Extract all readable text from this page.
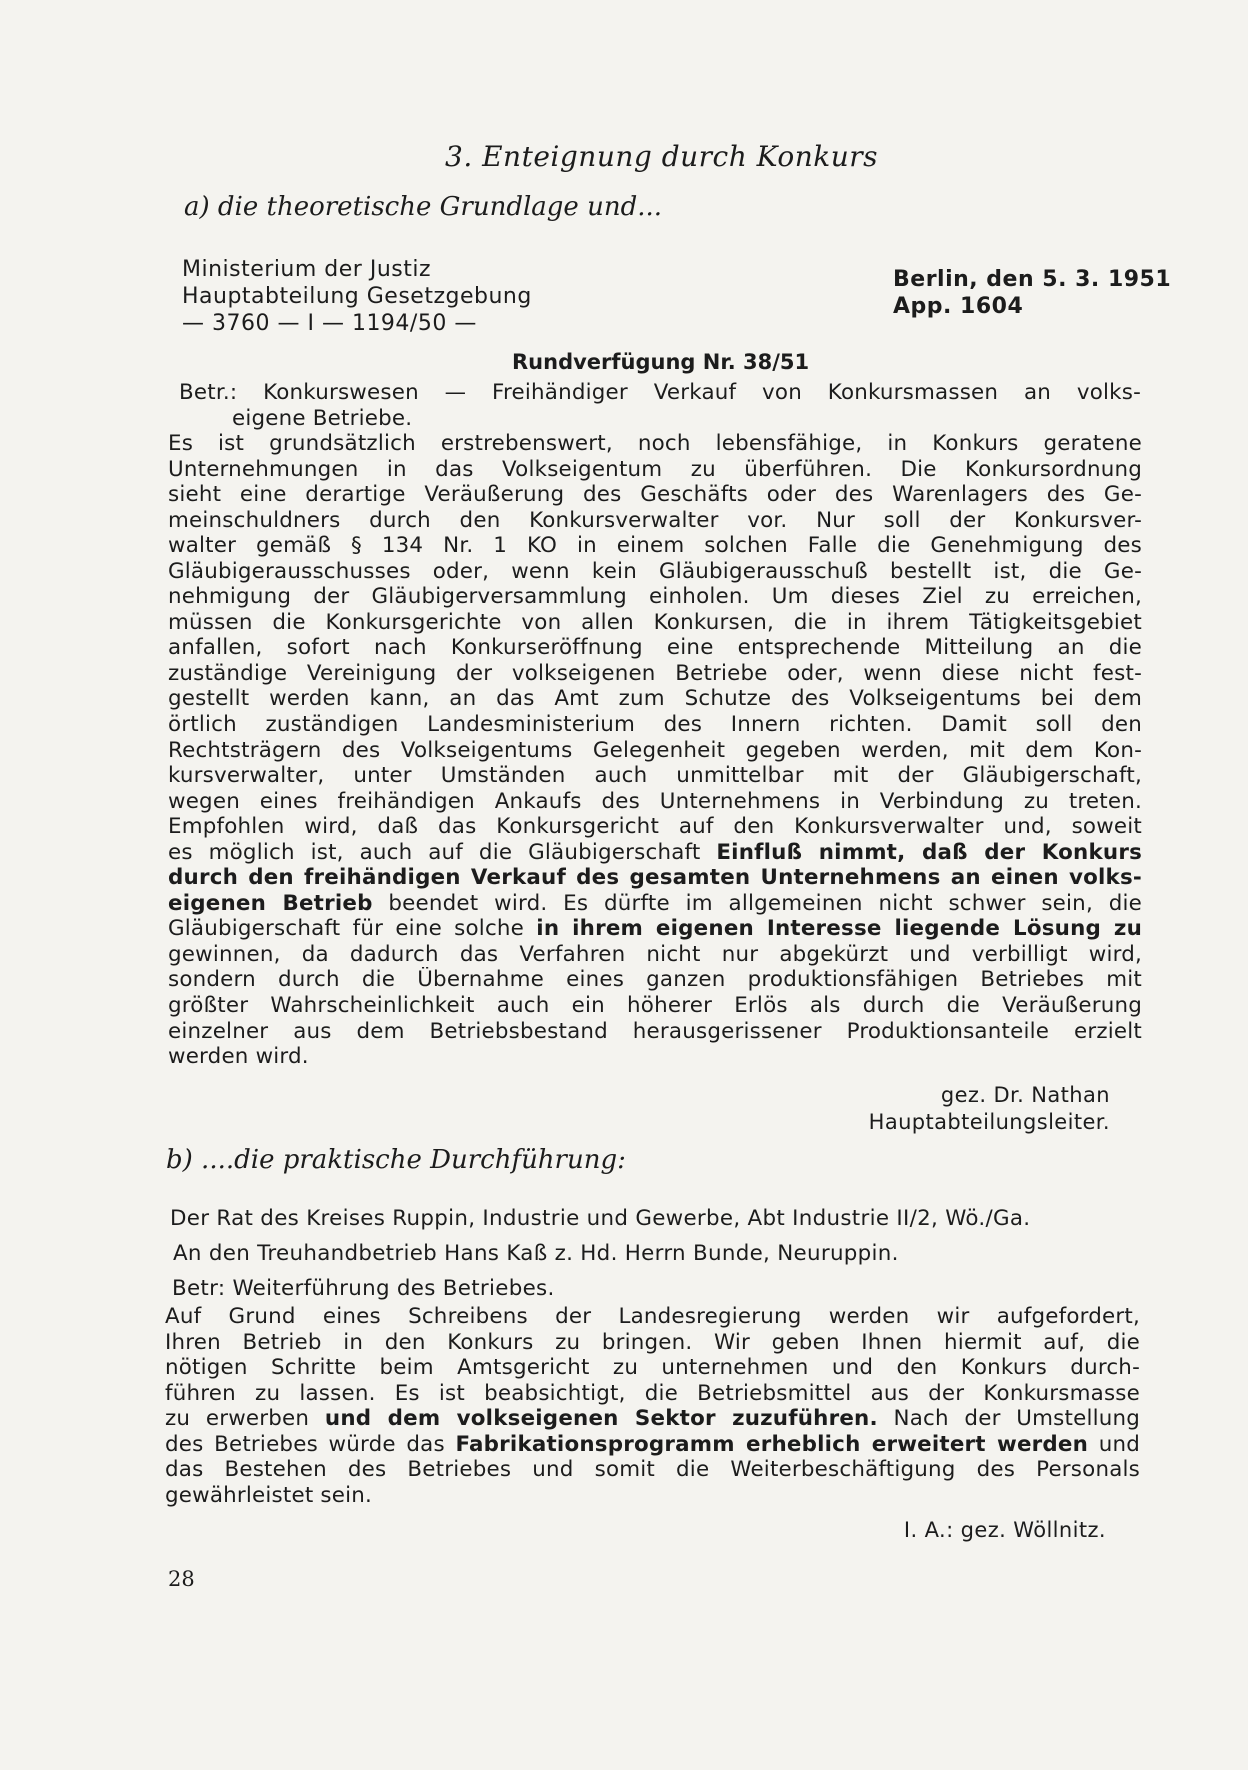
3. Enteignung durch Konkurs
a) die theoretische Grundlage und...
Ministerium der Justiz
Hauptabteilung Gesetzgebung
— 3760 — I — 1194/50 —
Berlin, den 5. 3. 1951
App. 1604
Rundverfügung Nr. 38/51
Betr.: Konkurswesen — Freihändiger Verkauf von Konkursmassen an volks-
eigene Betriebe.
Es ist grundsätzlich erstrebenswert, noch lebensfähige, in Konkurs geratene
Unternehmungen in das Volkseigentum zu überführen. Die Konkursordnung
sieht eine derartige Veräußerung des Geschäfts oder des Warenlagers des Ge-
meinschuldners durch den Konkursverwalter vor. Nur soll der Konkursver-
walter gemäß § 134 Nr. 1 KO in einem solchen Falle die Genehmigung des
Gläubigerausschusses oder, wenn kein Gläubigerausschuß bestellt ist, die Ge-
nehmigung der Gläubigerversammlung einholen. Um dieses Ziel zu erreichen,
müssen die Konkursgerichte von allen Konkursen, die in ihrem Tätigkeitsgebiet
anfallen, sofort nach Konkurseröffnung eine entsprechende Mitteilung an die
zuständige Vereinigung der volkseigenen Betriebe oder, wenn diese nicht fest-
gestellt werden kann, an das Amt zum Schutze des Volkseigentums bei dem
örtlich zuständigen Landesministerium des Innern richten. Damit soll den
Rechtsträgern des Volkseigentums Gelegenheit gegeben werden, mit dem Kon-
kursverwalter, unter Umständen auch unmittelbar mit der Gläubigerschaft,
wegen eines freihändigen Ankaufs des Unternehmens in Verbindung zu treten.
Empfohlen wird, daß das Konkursgericht auf den Konkursverwalter und, soweit
es möglich ist, auch auf die Gläubigerschaft Einfluß nimmt, daß der Konkurs
durch den freihändigen Verkauf des gesamten Unternehmens an einen volks-
eigenen Betrieb beendet wird. Es dürfte im allgemeinen nicht schwer sein, die
Gläubigerschaft für eine solche in ihrem eigenen Interesse liegende Lösung zu
gewinnen, da dadurch das Verfahren nicht nur abgekürzt und verbilligt wird,
sondern durch die Übernahme eines ganzen produktionsfähigen Betriebes mit
größter Wahrscheinlichkeit auch ein höherer Erlös als durch die Veräußerung
einzelner aus dem Betriebsbestand herausgerissener Produktionsanteile erzielt
werden wird.
gez. Dr. Nathan
Hauptabteilungsleiter.
b) ....die praktische Durchführung:
Der Rat des Kreises Ruppin, Industrie und Gewerbe, Abt Industrie II/2, Wö./Ga.
An den Treuhandbetrieb Hans Kaß z. Hd. Herrn Bunde, Neuruppin.
Betr: Weiterführung des Betriebes.
Auf Grund eines Schreibens der Landesregierung werden wir aufgefordert,
Ihren Betrieb in den Konkurs zu bringen. Wir geben Ihnen hiermit auf, die
nötigen Schritte beim Amtsgericht zu unternehmen und den Konkurs durch-
führen zu lassen. Es ist beabsichtigt, die Betriebsmittel aus der Konkursmasse
zu erwerben und dem volkseigenen Sektor zuzuführen. Nach der Umstellung
des Betriebes würde das Fabrikationsprogramm erheblich erweitert werden und
das Bestehen des Betriebes und somit die Weiterbeschäftigung des Personals
gewährleistet sein.
I. A.: gez. Wöllnitz.
28
